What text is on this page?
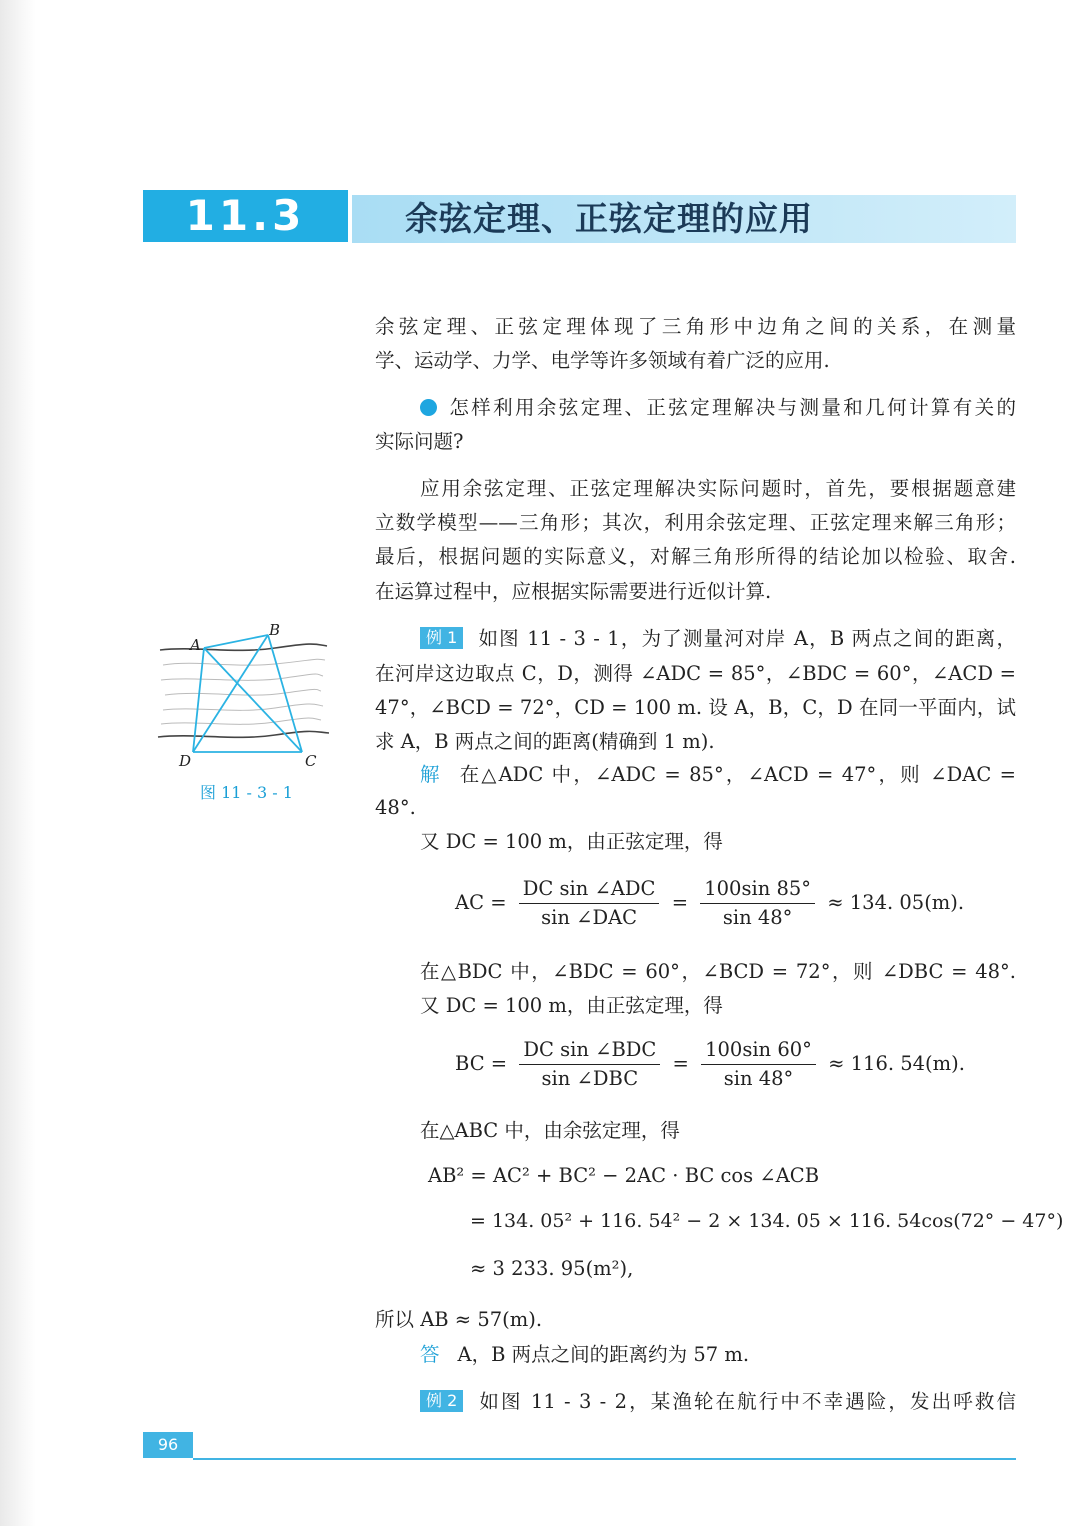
11.3	余弦定理、正弦定理的应用
余弦定理、正弦定理体现了三角形中边角之间的关系，在测量
学、运动学、力学、电学等许多领域有着广泛的应用.
怎样利用余弦定理、正弦定理解决与测量和几何计算有关的
实际问题?
应用余弦定理、正弦定理解决实际问题时，首先，要根据题意建
立数学模型——三角形；其次，利用余弦定理、正弦定理来解三角形；
最后，根据问题的实际意义，对解三角形所得的结论加以检验、取舍.
在运算过程中，应根据实际需要进行近似计算.
A
B
C
D
图 11 - 3 - 1
例 1 如图 11 - 3 - 1，为了测量河对岸 A，B 两点之间的距离，
在河岸这边取点 C，D，测得 ∠ADC = 85°，∠BDC = 60°，∠ACD =
47°，∠BCD = 72°，CD = 100 m. 设 A，B，C，D 在同一平面内，试
求 A，B 两点之间的距离(精确到 1 m).
解 在△ADC 中，∠ADC = 85°，∠ACD = 47°，则 ∠DAC =
48°.
又 DC = 100 m，由正弦定理，得
AC = $\frac{\text{DC sin ∠ADC}}{\text{sin ∠DAC}} = \frac{100\sin 85^\circ}{\sin 48^\circ} \approx 134$. 05(m).
在△BDC 中，∠BDC = 60°，∠BCD = 72°，则 ∠DBC = 48°.
又 DC = 100 m，由正弦定理，得
BC = $\frac{\text{DC sin ∠BDC}}{\text{sin ∠DBC}} = \frac{100\sin 60^\circ}{\sin 48^\circ} \approx 116$. 54(m).
在△ABC 中，由余弦定理，得
AB² = AC² + BC² − 2AC · BC cos ∠ACB
= 134. 05² + 116. 54² − 2 × 134. 05 × 116. 54cos(72° − 47°)
≈ 3 233. 95(m²),
所以 AB ≈ 57(m).
答 A，B 两点之间的距离约为 57 m.
例 2 如图 11 - 3 - 2，某渔轮在航行中不幸遇险，发出呼救信
96
